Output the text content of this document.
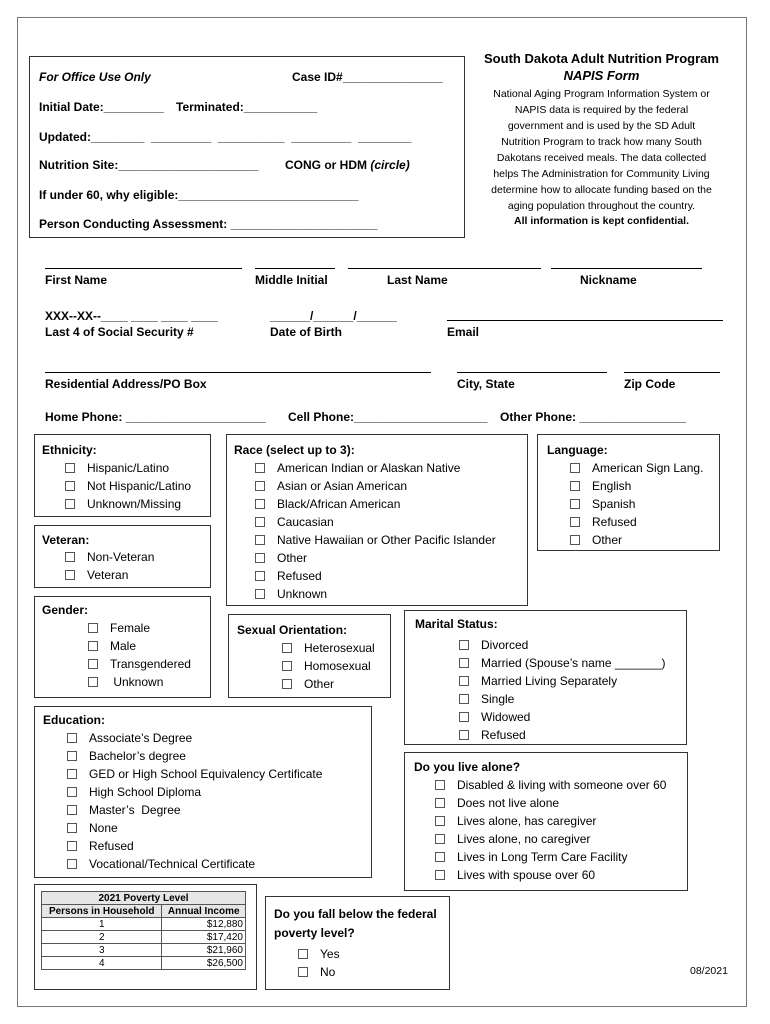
For Office Use Only	Case ID#_______________
Initial Date:_________ Terminated:___________
Updated:________  _________  __________  _________  ________
Nutrition Site:_____________________ CONG or HDM (circle)
If under 60, why eligible:___________________________
Person Conducting Assessment: ______________________
South Dakota Adult Nutrition Program
NAPIS Form
National Aging Program Information System or
NAPIS data is required by the federal
government and is used by the SD Adult
Nutrition Program to track how many South
Dakotans received meals. The data collected
helps The Administration for Community Living
determine how to allocate funding based on the
aging population throughout the country.
All information is kept confidential.
First Name	Middle Initial	Last Name	Nickname
XXX--XX--____ ____ ____ ____	______/______/______
Last 4 of Social Security #	Date of Birth	Email
Residential Address/PO Box	City, State	Zip Code
Home Phone: _____________________ Cell Phone:____________________ Other Phone: ________________
Ethnicity:
Hispanic/Latino
Not Hispanic/Latino
Unknown/Missing
Veteran:
Non-Veteran
Veteran
Race (select up to 3):
American Indian or Alaskan Native
Asian or Asian American
Black/African American
Caucasian
Native Hawaiian or Other Pacific Islander
Other
Refused
Unknown
Language:
American Sign Lang.
English
Spanish
Refused
Other
Gender:
Female
Male
Transgendered
Unknown
Sexual Orientation:
Heterosexual
Homosexual
Other
Marital Status:
Divorced
Married (Spouse’s name _______)
Married Living Separately
Single
Widowed
Refused
Education:
Associate’s Degree
Bachelor’s degree
GED or High School Equivalency Certificate
High School Diploma
Master’s  Degree
None
Refused
Vocational/Technical Certificate
Do you live alone?
Disabled & living with someone over 60
Does not live alone
Lives alone, has caregiver
Lives alone, no caregiver
Lives in Long Term Care Facility
Lives with spouse over 60
2021 Poverty Level	
Persons in Household	Annual Income
1	$12,880
2	$17,420
3	$21,960
4	$26,500
Do you fall below the federal
poverty level?
Yes
No	08/2021
